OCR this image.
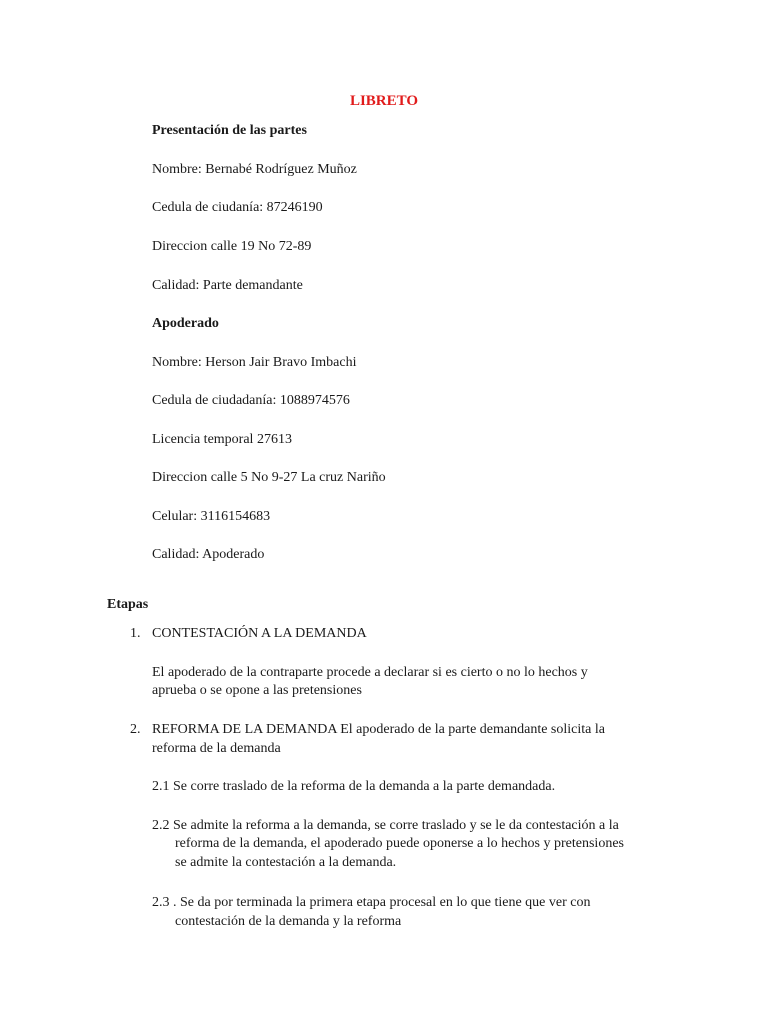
LIBRETO
Presentación de las partes
Nombre: Bernabé Rodríguez Muñoz
Cedula de ciudanía: 87246190
Direccion calle 19 No 72-89
Calidad: Parte demandante
Apoderado
Nombre: Herson Jair Bravo Imbachi
Cedula de ciudadanía: 1088974576
Licencia temporal 27613
Direccion calle 5 No 9-27 La cruz Nariño
Celular: 3116154683
Calidad: Apoderado
Etapas
1. CONTESTACIÓN A LA DEMANDA
El apoderado de la contraparte procede a declarar si es cierto o no lo hechos y
aprueba o se opone a las pretensiones
2. REFORMA DE LA DEMANDA El apoderado de la parte demandante solicita la
reforma de la demanda
2.1 Se corre traslado de la reforma de la demanda a la parte demandada.
2.2 Se admite la reforma a la demanda, se corre traslado y se le da contestación a la
reforma de la demanda, el apoderado puede oponerse a lo hechos y pretensiones
se admite la contestación a la demanda.
2.3 . Se da por terminada la primera etapa procesal en lo que tiene que ver con
contestación de la demanda y la reforma
